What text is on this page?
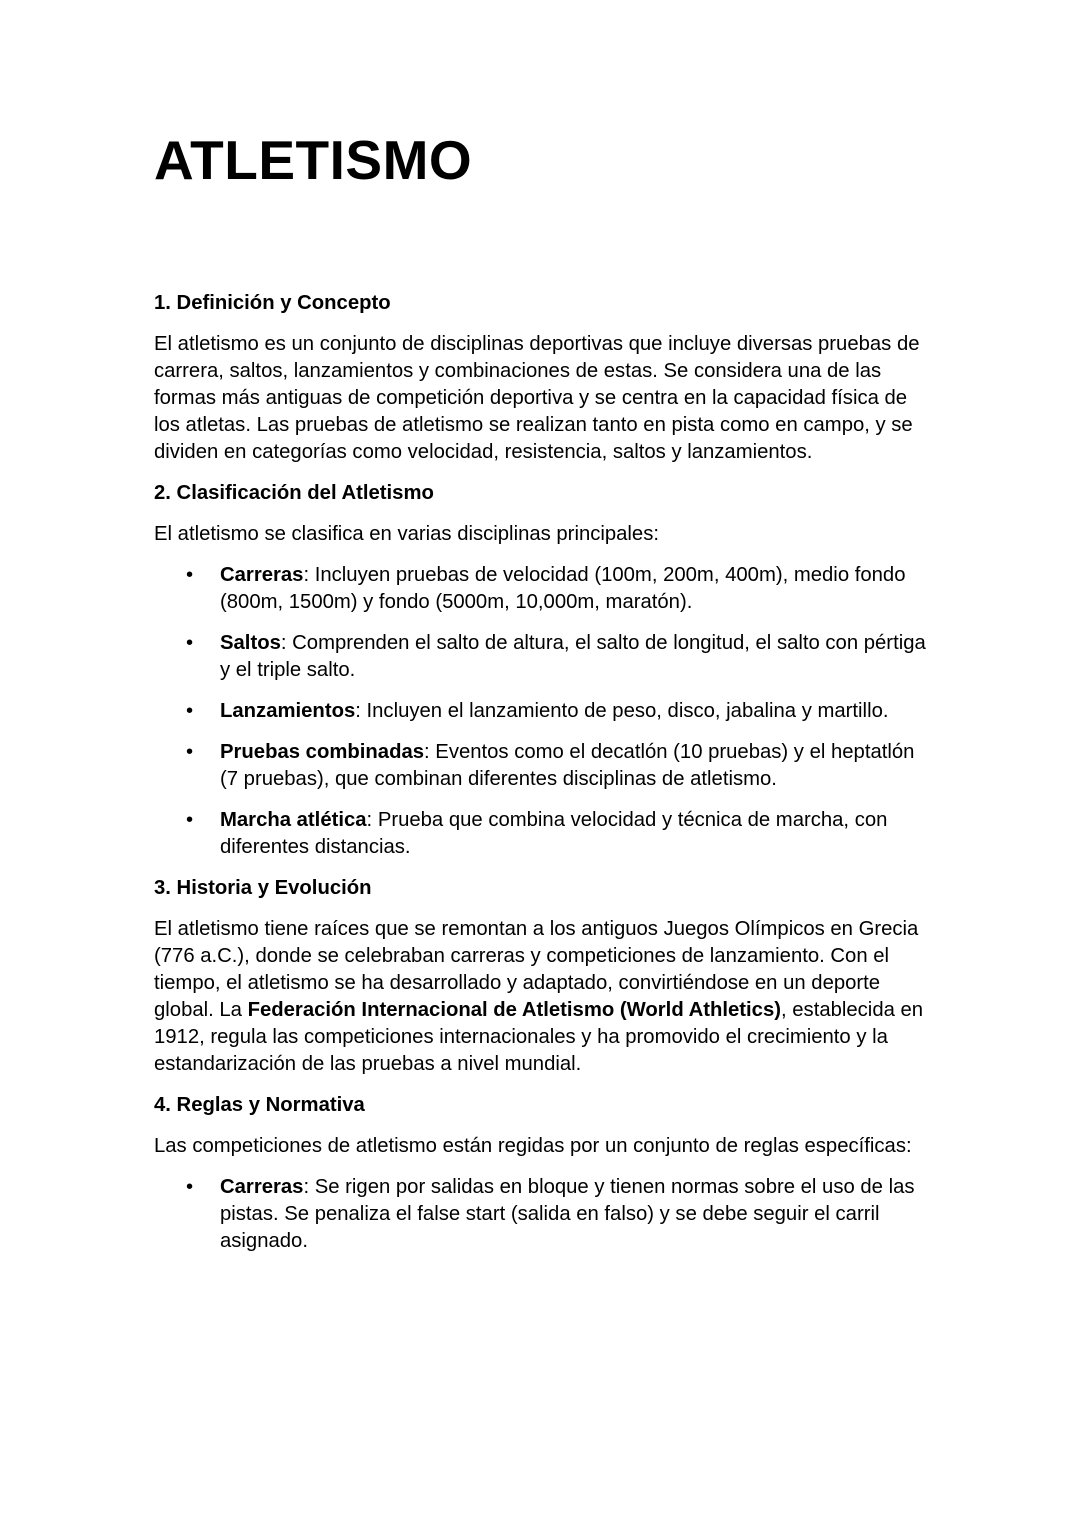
ATLETISMO
1. Definición y Concepto

El atletismo es un conjunto de disciplinas deportivas que incluye diversas pruebas de carrera, saltos, lanzamientos y combinaciones de estas. Se considera una de las formas más antiguas de competición deportiva y se centra en la capacidad física de los atletas. Las pruebas de atletismo se realizan tanto en pista como en campo, y se dividen en categorías como velocidad, resistencia, saltos y lanzamientos.

2. Clasificación del Atletismo

El atletismo se clasifica en varias disciplinas principales:

• Carreras: Incluyen pruebas de velocidad (100m, 200m, 400m), medio fondo (800m, 1500m) y fondo (5000m, 10,000m, maratón).
• Saltos: Comprenden el salto de altura, el salto de longitud, el salto con pértiga y el triple salto.
• Lanzamientos: Incluyen el lanzamiento de peso, disco, jabalina y martillo.
• Pruebas combinadas: Eventos como el decatlón (10 pruebas) y el heptatlón (7 pruebas), que combinan diferentes disciplinas de atletismo.
• Marcha atlética: Prueba que combina velocidad y técnica de marcha, con diferentes distancias.
3. Historia y Evolución

El atletismo tiene raíces que se remontan a los antiguos Juegos Olímpicos en Grecia (776 a.C.), donde se celebraban carreras y competiciones de lanzamiento. Con el tiempo, el atletismo se ha desarrollado y adaptado, convirtiéndose en un deporte global. La Federación Internacional de Atletismo (World Athletics), establecida en 1912, regula las competiciones internacionales y ha promovido el crecimiento y la estandarización de las pruebas a nivel mundial.

4. Reglas y Normativa

Las competiciones de atletismo están regidas por un conjunto de reglas específicas:

• Carreras: Se rigen por salidas en bloque y tienen normas sobre el uso de las pistas. Se penaliza el false start (salida en falso) y se debe seguir el carril asignado.
